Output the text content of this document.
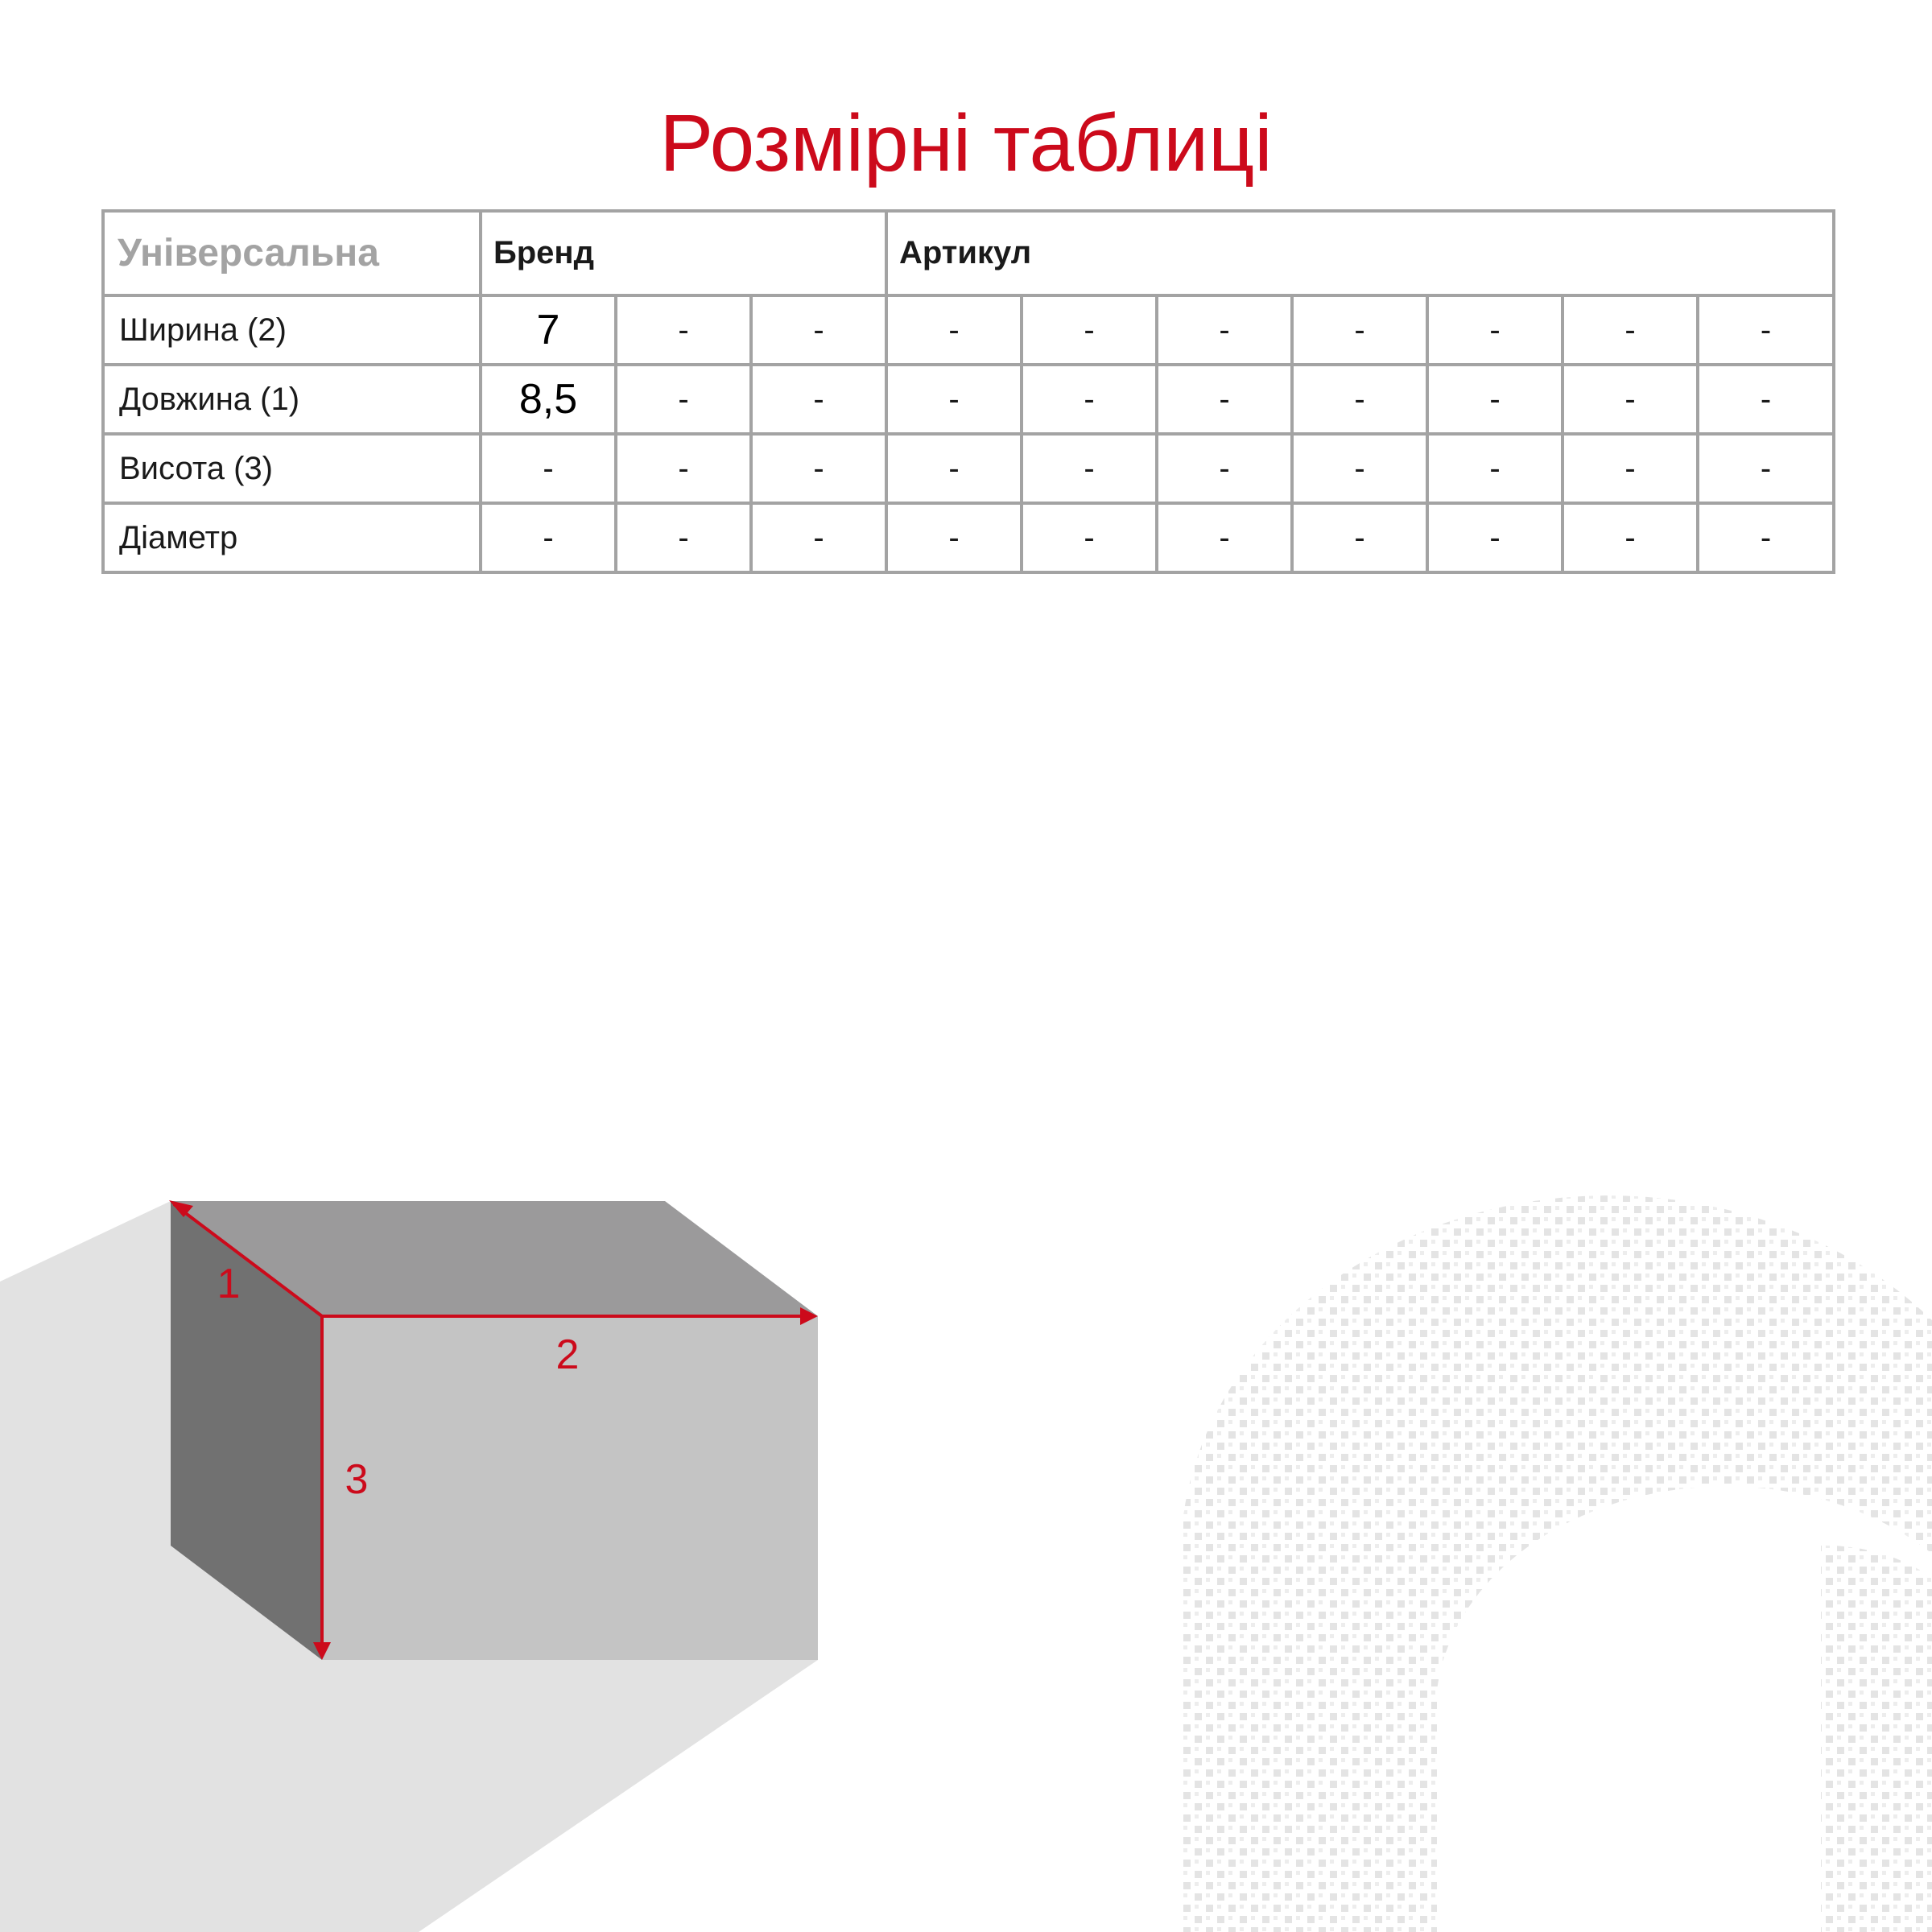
Розмірні таблиці
Універсальна	Бренд			Артикул						
Ширина (2)	7	-	-	-	-	-	-	-	-	-
Довжина (1)	8,5	-	-	-	-	-	-	-	-	-
Висота (3)	-	-	-	-	-	-	-	-	-	-
Діаметр	-	-	-	-	-	-	-	-	-	-
1
2
3
